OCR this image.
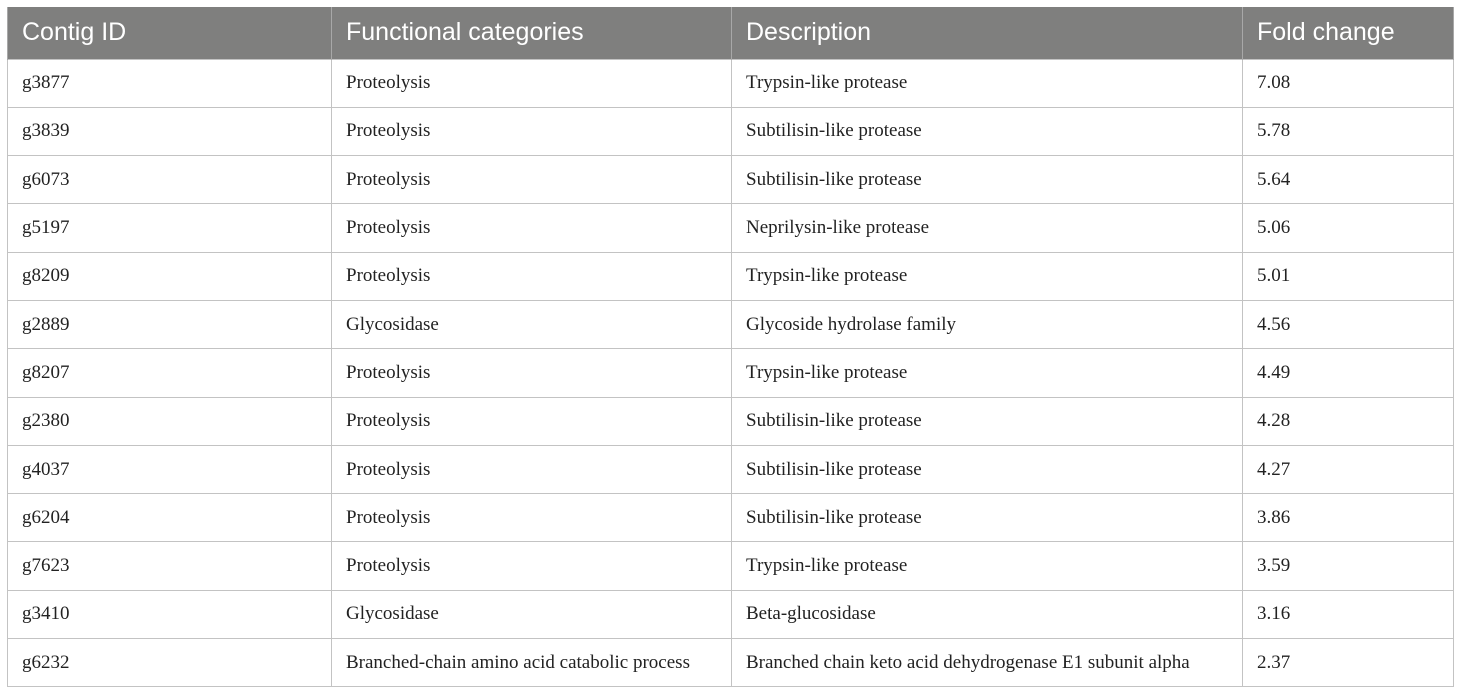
Contig ID	Functional categories	Description	Fold change
g3877	Proteolysis	Trypsin-like protease	7.08
g3839	Proteolysis	Subtilisin-like protease	5.78
g6073	Proteolysis	Subtilisin-like protease	5.64
g5197	Proteolysis	Neprilysin-like protease	5.06
g8209	Proteolysis	Trypsin-like protease	5.01
g2889	Glycosidase	Glycoside hydrolase family	4.56
g8207	Proteolysis	Trypsin-like protease	4.49
g2380	Proteolysis	Subtilisin-like protease	4.28
g4037	Proteolysis	Subtilisin-like protease	4.27
g6204	Proteolysis	Subtilisin-like protease	3.86
g7623	Proteolysis	Trypsin-like protease	3.59
g3410	Glycosidase	Beta-glucosidase	3.16
g6232	Branched-chain amino acid catabolic process	Branched chain keto acid dehydrogenase E1 subunit alpha	2.37
